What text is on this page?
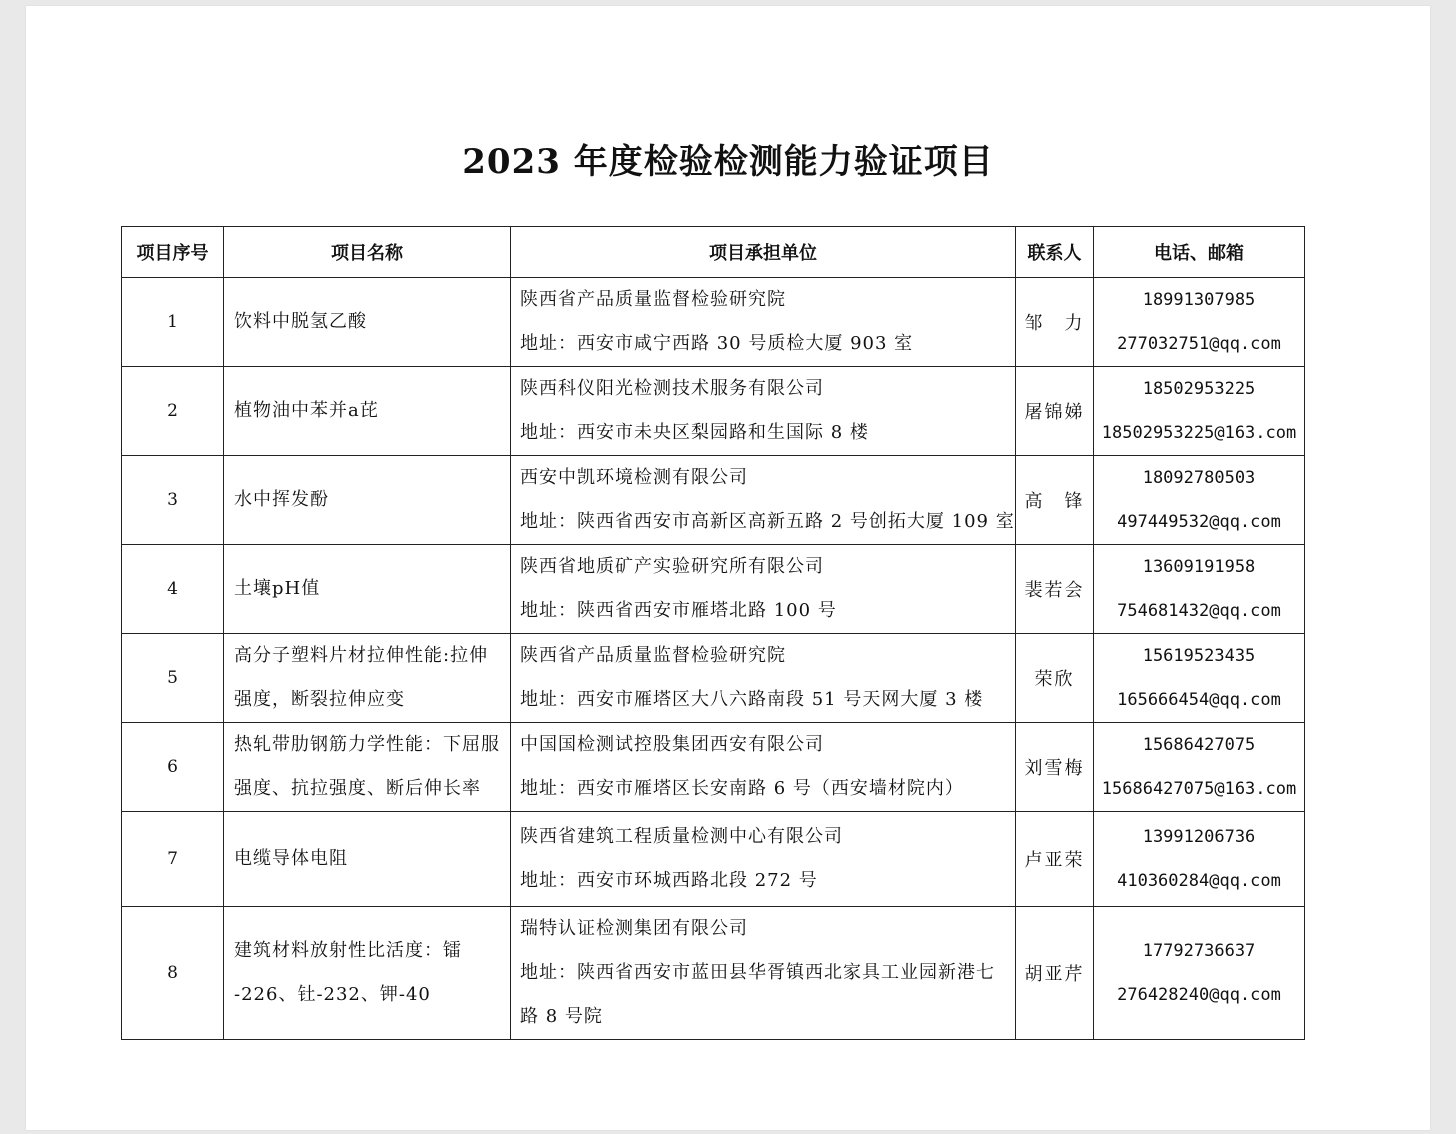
2023 年度检验检测能力验证项目
项目序号	项目名称	项目承担单位	联系人	电话、邮箱
1	饮料中脱氢乙酸	陕西省产品质量监督检验研究院
地址：西安市咸宁西路 30 号质检大厦 903 室	邹　力	18991307985
277032751@qq.com

2	植物油中苯并a芘	陕西科仪阳光检测技术服务有限公司
地址：西安市未央区梨园路和生国际 8 楼	屠锦娣	18502953225
18502953225@163.com

3	水中挥发酚	西安中凯环境检测有限公司
地址：陕西省西安市高新区高新五路 2 号创拓大厦 109 室	高　锋	18092780503
497449532@qq.com

4	土壤pH值	陕西省地质矿产实验研究所有限公司
地址：陕西省西安市雁塔北路 100 号	裴若会	13609191958
754681432@qq.com

5	高分子塑料片材拉伸性能:拉伸
强度，断裂拉伸应变	陕西省产品质量监督检验研究院
地址：西安市雁塔区大八六路南段 51 号天网大厦 3 楼	荣欣	15619523435
165666454@qq.com

6	热轧带肋钢筋力学性能：下屈服
强度、抗拉强度、断后伸长率	中国国检测试控股集团西安有限公司
地址：西安市雁塔区长安南路 6 号（西安墙材院内）	刘雪梅	15686427075
15686427075@163.com

7	电缆导体电阻	陕西省建筑工程质量检测中心有限公司
地址：西安市环城西路北段 272 号	卢亚荣	13991206736
410360284@qq.com

8	建筑材料放射性比活度：镭
-226、钍-232、钾-40	瑞特认证检测集团有限公司
地址：陕西省西安市蓝田县华胥镇西北家具工业园新港七
路 8 号院	胡亚芹	17792736637
276428240@qq.com
